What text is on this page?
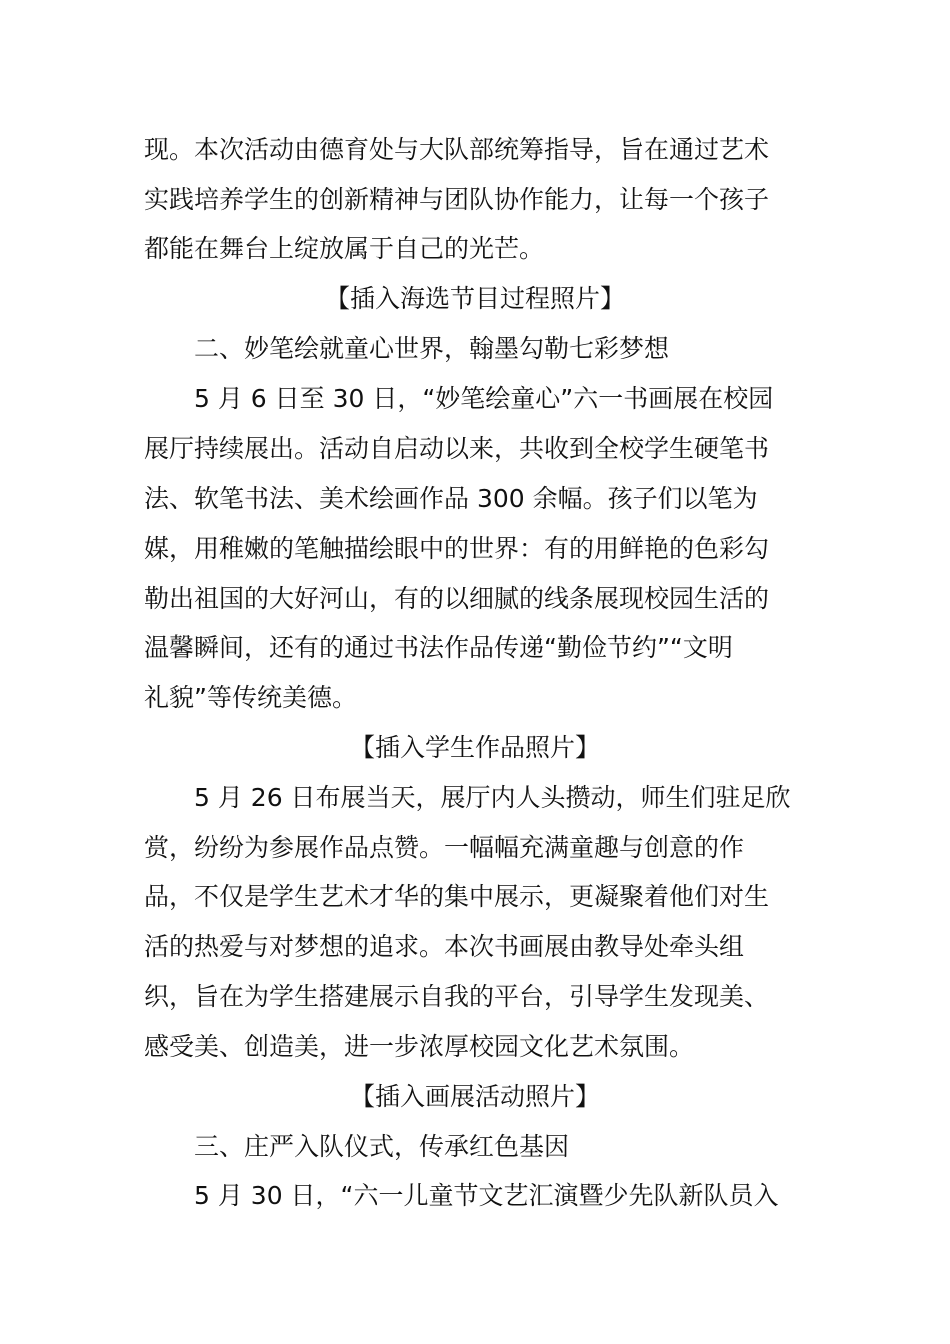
现。本次活动由德育处与大队部统筹指导，旨在通过艺术
实践培养学生的创新精神与团队协作能力，让每一个孩子
都能在舞台上绽放属于自己的光芒。
【插入海选节目过程照片】
二、妙笔绘就童心世界，翰墨勾勒七彩梦想
5 月 6 日至 30 日，“妙笔绘童心”六一书画展在校园
展厅持续展出。活动自启动以来，共收到全校学生硬笔书
法、软笔书法、美术绘画作品 300 余幅。孩子们以笔为
媒，用稚嫩的笔触描绘眼中的世界：有的用鲜艳的色彩勾
勒出祖国的大好河山，有的以细腻的线条展现校园生活的
温馨瞬间，还有的通过书法作品传递“勤俭节约”“文明
礼貌”等传统美德。
【插入学生作品照片】
5 月 26 日布展当天，展厅内人头攒动，师生们驻足欣
赏，纷纷为参展作品点赞。一幅幅充满童趣与创意的作
品，不仅是学生艺术才华的集中展示，更凝聚着他们对生
活的热爱与对梦想的追求。本次书画展由教导处牵头组
织，旨在为学生搭建展示自我的平台，引导学生发现美、
感受美、创造美，进一步浓厚校园文化艺术氛围。
【插入画展活动照片】
三、庄严入队仪式，传承红色基因
5 月 30 日，“六一儿童节文艺汇演暨少先队新队员入
